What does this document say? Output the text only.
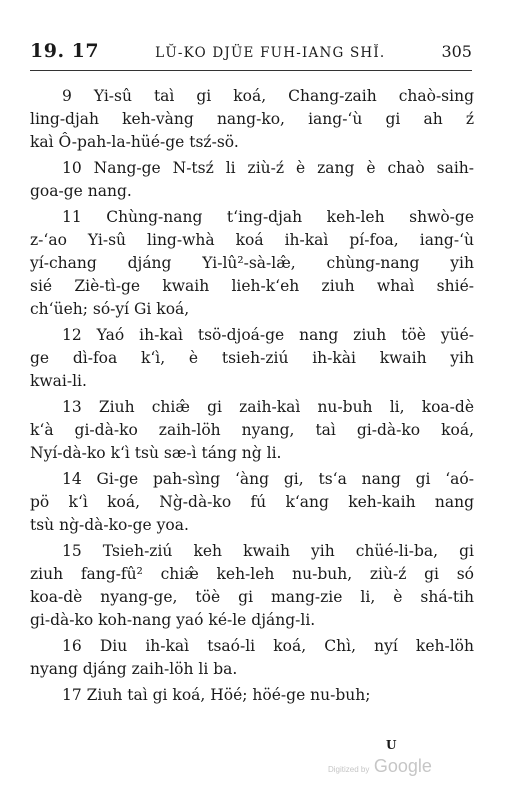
19. 17	LŬ-KO DJÜE FUH-IANG SHĬ.	305
9 Yi-sû taì gi koá, Chang-zaih chaò-sing
ling-djah keh-vàng nang-ko, iang-‘ù gi ah ź
kaì Ô-pah-la-hüé-ge tsź-sö.
10 Nang-ge N-tsź li ziù-ź è zang è chaò saih-
goa-ge nang.
11 Chùng-nang t‘ing-djah keh-leh shwò-ge
z-‘ao Yi-sû ling-whà koá ih-kaì pí-foa, iang-‘ù
yí-chang djáng Yi-lû²-sà-læ̂, chùng-nang yih
sié Ziè-tì-ge kwaih lieh-k‘eh ziuh whaì shié-
ch‘üeh; só-yí Gi koá,
12 Yaó ih-kaì tsö-djoá-ge nang ziuh töè yüé-
ge dì-foa k‘ì, è tsieh-ziú ih-kài kwaih yih
kwai-li.
13 Ziuh chiæ̂ gi zaih-kaì nu-buh li, koa-dè
k‘à gi-dà-ko zaih-löh nyang, taì gi-dà-ko koá,
Nyí-dà-ko k‘ì tsù sæ-ì táng ng̀ li.
14 Gi-ge pah-sìng ‘àng gi, ts‘a nang gi ‘aó-
pö k‘ì koá, Ng̀-dà-ko fú k‘ang keh-kaih nang
tsù ng̀-dà-ko-ge yoa.
15 Tsieh-ziú keh kwaih yih chüé-li-ba, gi
ziuh fang-fû² chiæ̂ keh-leh nu-buh, ziù-ź gi só
koa-dè nyang-ge, töè gi mang-zie li, è shá-tih
gi-dà-ko koh-nang yaó ké-le djáng-li.
16 Diu ih-kaì tsaó-li koá, Chì, nyí keh-löh
nyang djáng zaih-löh li ba.
17 Ziuh taì gi koá, Höé; höé-ge nu-buh;
U
Digitized by Google
